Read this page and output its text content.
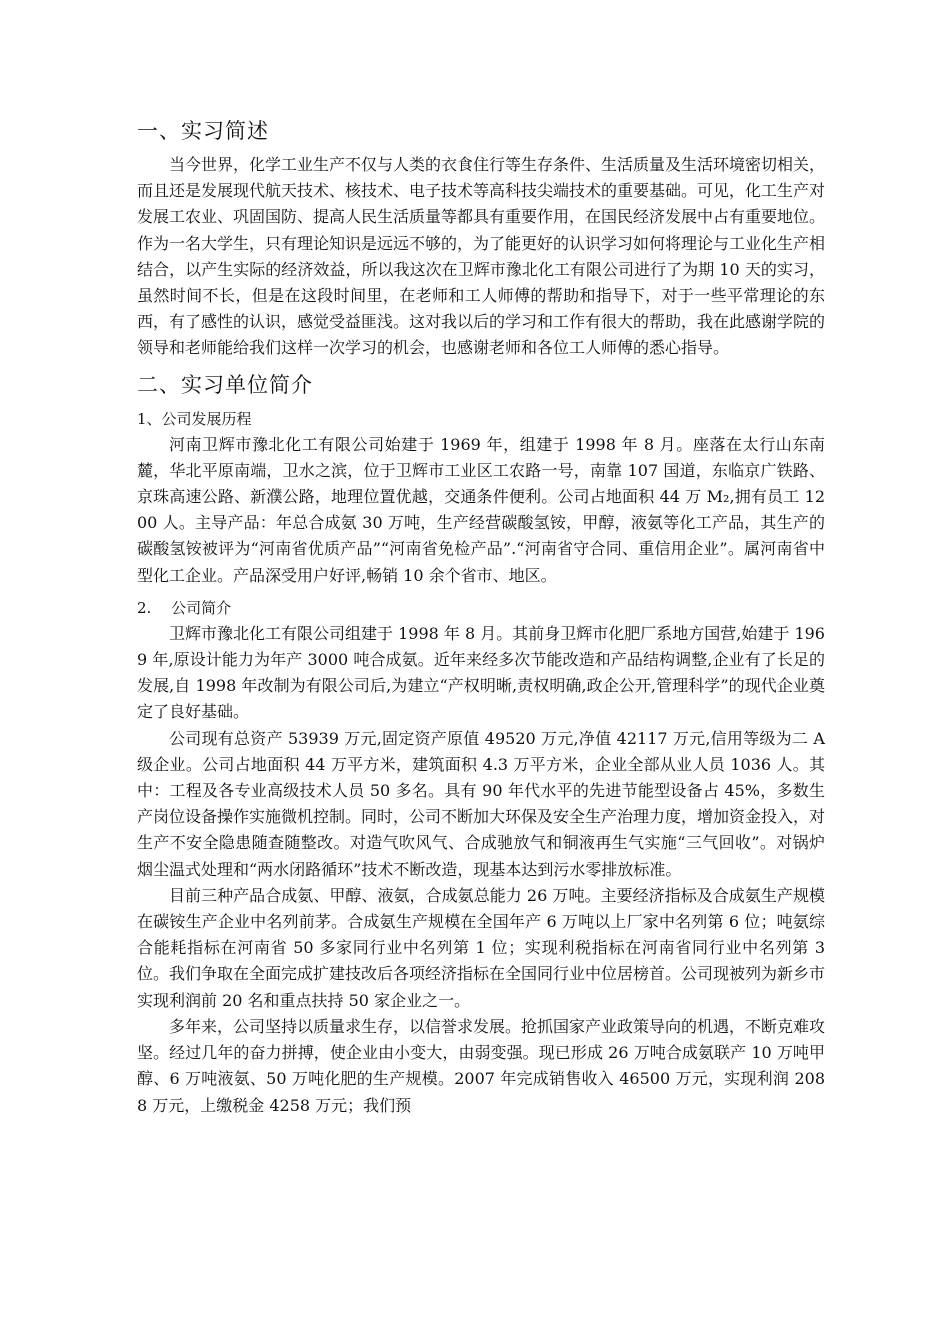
一、实习简述

当今世界，化学工业生产不仅与人类的衣食住行等生存条件、生活质量及生活环境密切相关，而且还是发展现代航天技术、核技术、电子技术等高科技尖端技术的重要基础。可见，化工生产对发展工农业、巩固国防、提高人民生活质量等都具有重要作用，在国民经济发展中占有重要地位。作为一名大学生，只有理论知识是远远不够的，为了能更好的认识学习如何将理论与工业化生产相结合，以产生实际的经济效益，所以我这次在卫辉市豫北化工有限公司进行了为期 10 天的实习，虽然时间不长，但是在这段时间里，在老师和工人师傅的帮助和指导下，对于一些平常理论的东西，有了感性的认识，感觉受益匪浅。这对我以后的学习和工作有很大的帮助，我在此感谢学院的领导和老师能给我们这样一次学习的机会，也感谢老师和各位工人师傅的悉心指导。

二、实习单位简介
1、公司发展历程

河南卫辉市豫北化工有限公司始建于 1969 年，组建于 1998 年 8 月。座落在太行山东南麓，华北平原南端，卫水之滨，位于卫辉市工业区工农路一号，南靠 107 国道，东临京广铁路、京珠高速公路、新濮公路，地理位置优越，交通条件便利。公司占地面积 44 万 M₂,拥有员工 1200 人。主导产品：年总合成氨 30 万吨，生产经营碳酸氢铵，甲醇，液氨等化工产品，其生产的碳酸氢铵被评为“河南省优质产品”“河南省免检产品”.“河南省守合同、重信用企业”。属河南省中型化工企业。产品深受用户好评,畅销 10 余个省市、地区。

2.　 公司简介

卫辉市豫北化工有限公司组建于 1998 年 8 月。其前身卫辉市化肥厂系地方国营,始建于 1969 年,原设计能力为年产 3000 吨合成氨。近年来经多次节能改造和产品结构调整,企业有了长足的发展,自 1998 年改制为有限公司后,为建立“产权明晰,责权明确,政企公开,管理科学”的现代企业奠定了良好基础。

公司现有总资产 53939 万元,固定资产原值 49520 万元,净值 42117 万元,信用等级为二 A 级企业。公司占地面积 44 万平方米，建筑面积 4.3 万平方米，企业全部从业人员 1036 人。其中：工程及各专业高级技术人员 50 多名。具有 90 年代水平的先进节能型设备占 45%，多数生产岗位设备操作实施微机控制。同时，公司不断加大环保及安全生产治理力度，增加资金投入，对生产不安全隐患随查随整改。对造气吹风气、合成驰放气和铜液再生气实施“三气回收”。对锅炉烟尘温式处理和“两水闭路循环”技术不断改造，现基本达到污水零排放标准。

目前三种产品合成氨、甲醇、液氨，合成氨总能力 26 万吨。主要经济指标及合成氨生产规模在碳铵生产企业中名列前茅。合成氨生产规模在全国年产 6 万吨以上厂家中名列第 6 位；吨氨综合能耗指标在河南省 50 多家同行业中名列第 1 位；实现利税指标在河南省同行业中名列第 3 位。我们争取在全面完成扩建技改后各项经济指标在全国同行业中位居榜首。公司现被列为新乡市实现利润前 20 名和重点扶持 50 家企业之一。

多年来，公司坚持以质量求生存，以信誉求发展。抢抓国家产业政策导向的机遇，不断克难攻坚。经过几年的奋力拼搏，使企业由小变大，由弱变强。现已形成 26 万吨合成氨联产 10 万吨甲醇、6 万吨液氨、50 万吨化肥的生产规模。2007 年完成销售收入 46500 万元，实现利润 2088 万元，上缴税金 4258 万元；我们预
